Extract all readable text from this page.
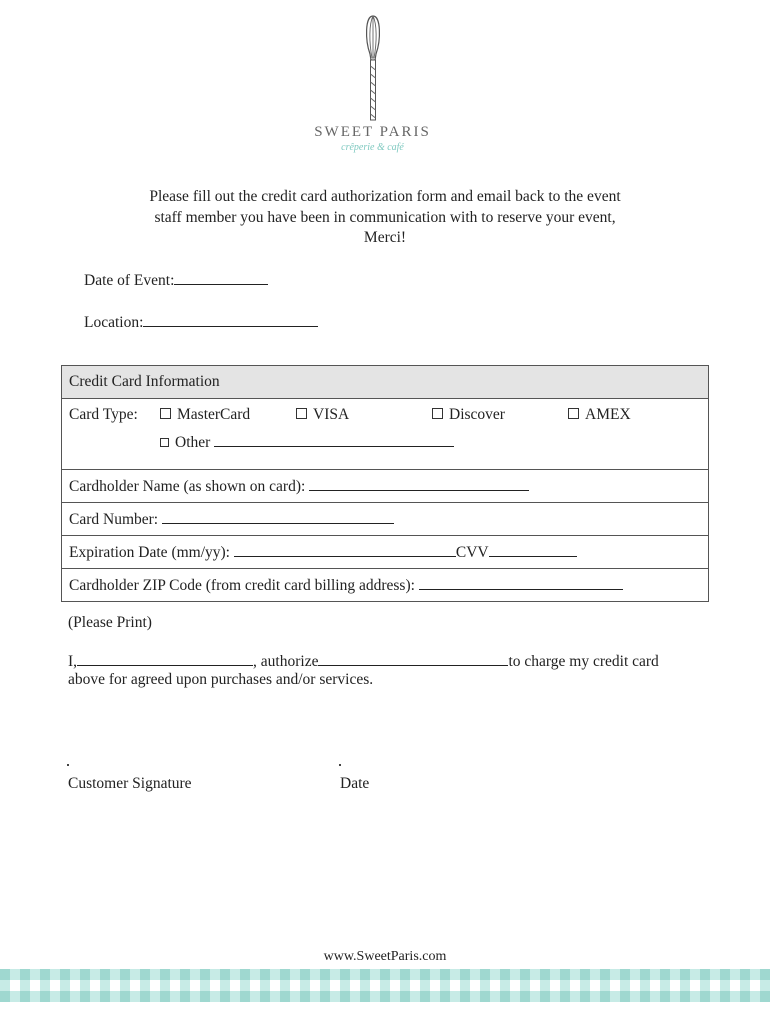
SWEET PARIS
crêperie & café
Please fill out the credit card authorization form and email back to the event
staff member you have been in communication with to reserve your event,
Merci!
Date of Event:
Location:
Credit Card Information

Card Type:	MasterCard	VISA	Discover	AMEX
Other

Cardholder Name (as shown on card):
Card Number:
Expiration Date (mm/yy):	CVV
Cardholder ZIP Code (from credit card billing address):
(Please Print)
I,	, authorize	to charge my credit card
above for agreed upon purchases and/or services.
Customer Signature	Date
www.SweetParis.com
